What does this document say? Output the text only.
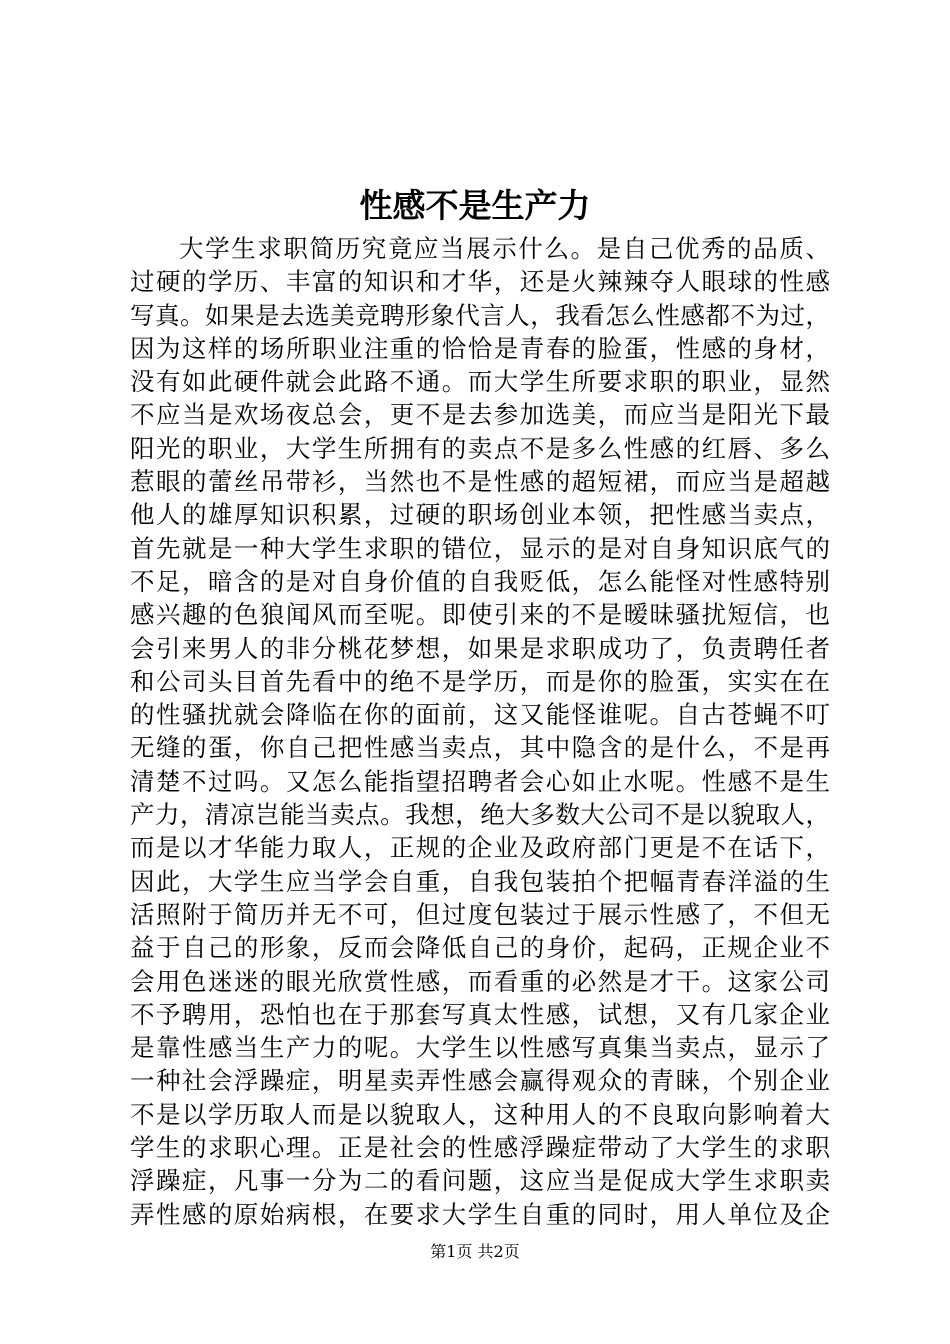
性感不是生产力
大学生求职简历究竟应当展示什么。是自己优秀的品质、
过硬的学历、丰富的知识和才华，还是火辣辣夺人眼球的性感
写真。如果是去选美竞聘形象代言人，我看怎么性感都不为过，
因为这样的场所职业注重的恰恰是青春的脸蛋，性感的身材，
没有如此硬件就会此路不通。而大学生所要求职的职业，显然
不应当是欢场夜总会，更不是去参加选美，而应当是阳光下最
阳光的职业，大学生所拥有的卖点不是多么性感的红唇、多么
惹眼的蕾丝吊带衫，当然也不是性感的超短裙，而应当是超越
他人的雄厚知识积累，过硬的职场创业本领，把性感当卖点，
首先就是一种大学生求职的错位，显示的是对自身知识底气的
不足，暗含的是对自身价值的自我贬低，怎么能怪对性感特别
感兴趣的色狼闻风而至呢。即使引来的不是暧昧骚扰短信，也
会引来男人的非分桃花梦想，如果是求职成功了，负责聘任者
和公司头目首先看中的绝不是学历，而是你的脸蛋，实实在在
的性骚扰就会降临在你的面前，这又能怪谁呢。自古苍蝇不叮
无缝的蛋，你自己把性感当卖点，其中隐含的是什么，不是再
清楚不过吗。又怎么能指望招聘者会心如止水呢。性感不是生
产力，清凉岂能当卖点。我想，绝大多数大公司不是以貌取人，
而是以才华能力取人，正规的企业及政府部门更是不在话下，
因此，大学生应当学会自重，自我包装拍个把幅青春洋溢的生
活照附于简历并无不可，但过度包装过于展示性感了，不但无
益于自己的形象，反而会降低自己的身价，起码，正规企业不
会用色迷迷的眼光欣赏性感，而看重的必然是才干。这家公司
不予聘用，恐怕也在于那套写真太性感，试想，又有几家企业
是靠性感当生产力的呢。大学生以性感写真集当卖点，显示了
一种社会浮躁症，明星卖弄性感会赢得观众的青睐，个别企业
不是以学历取人而是以貌取人，这种用人的不良取向影响着大
学生的求职心理。正是社会的性感浮躁症带动了大学生的求职
浮躁症，凡事一分为二的看问题，这应当是促成大学生求职卖
弄性感的原始病根，在要求大学生自重的同时，用人单位及企
第1页 共2页
